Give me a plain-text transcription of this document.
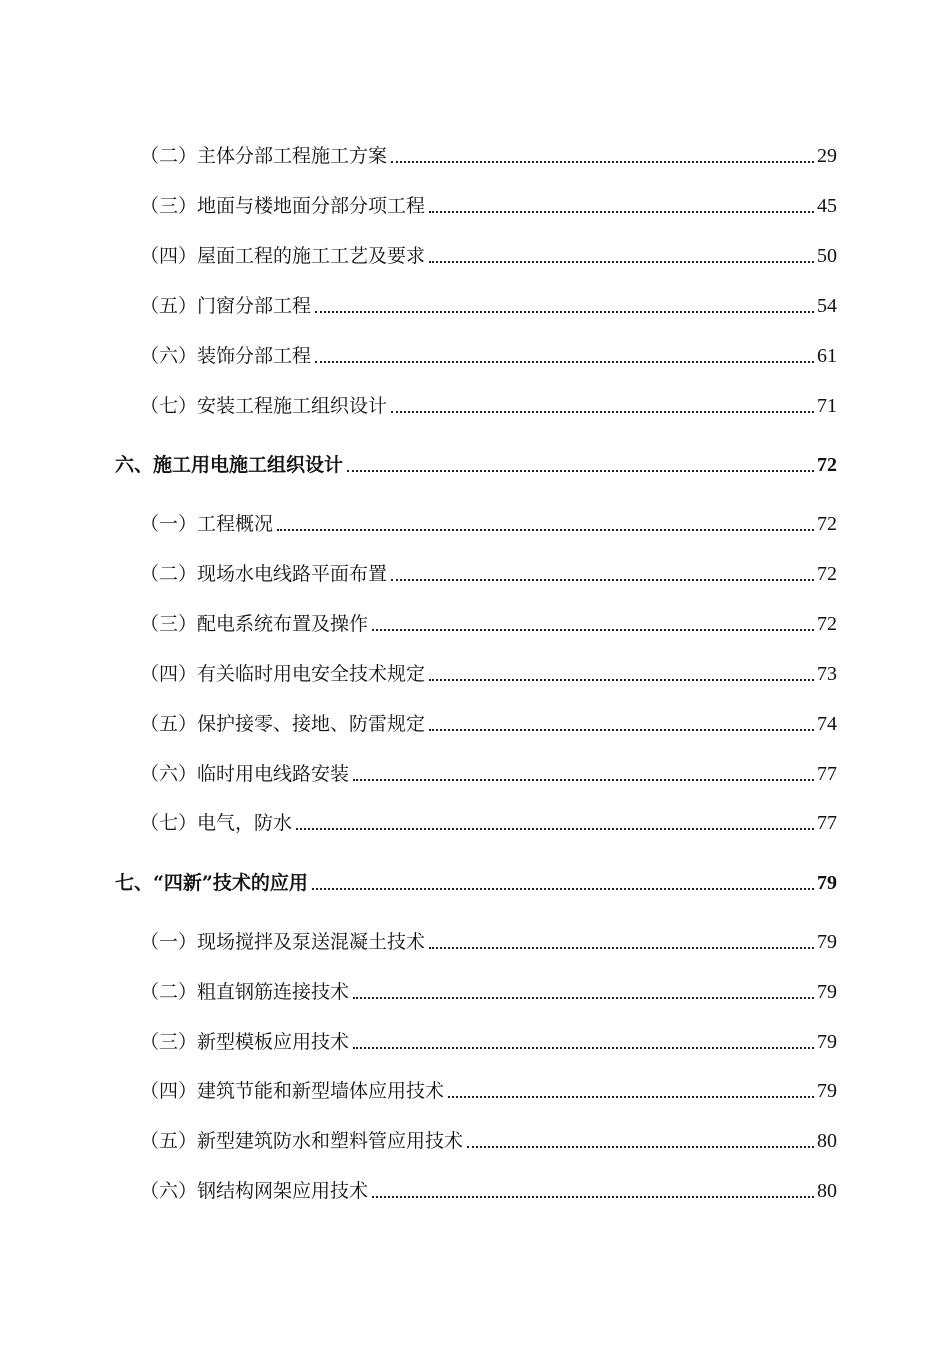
（二）主体分部工程施工方案	29
（三）地面与楼地面分部分项工程	45
（四）屋面工程的施工工艺及要求	50
（五）门窗分部工程	54
（六）装饰分部工程	61
（七）安装工程施工组织设计	71
六、施工用电施工组织设计	72
（一）工程概况	72
（二）现场水电线路平面布置	72
（三）配电系统布置及操作	72
（四）有关临时用电安全技术规定	73
（五）保护接零、接地、防雷规定	74
（六）临时用电线路安装	77
（七）电气，防水	77
七、“四新”技术的应用	79
（一）现场搅拌及泵送混凝土技术	79
（二）粗直钢筋连接技术	79
（三）新型模板应用技术	79
（四）建筑节能和新型墙体应用技术	79
（五）新型建筑防水和塑料管应用技术	80
（六）钢结构网架应用技术	80
